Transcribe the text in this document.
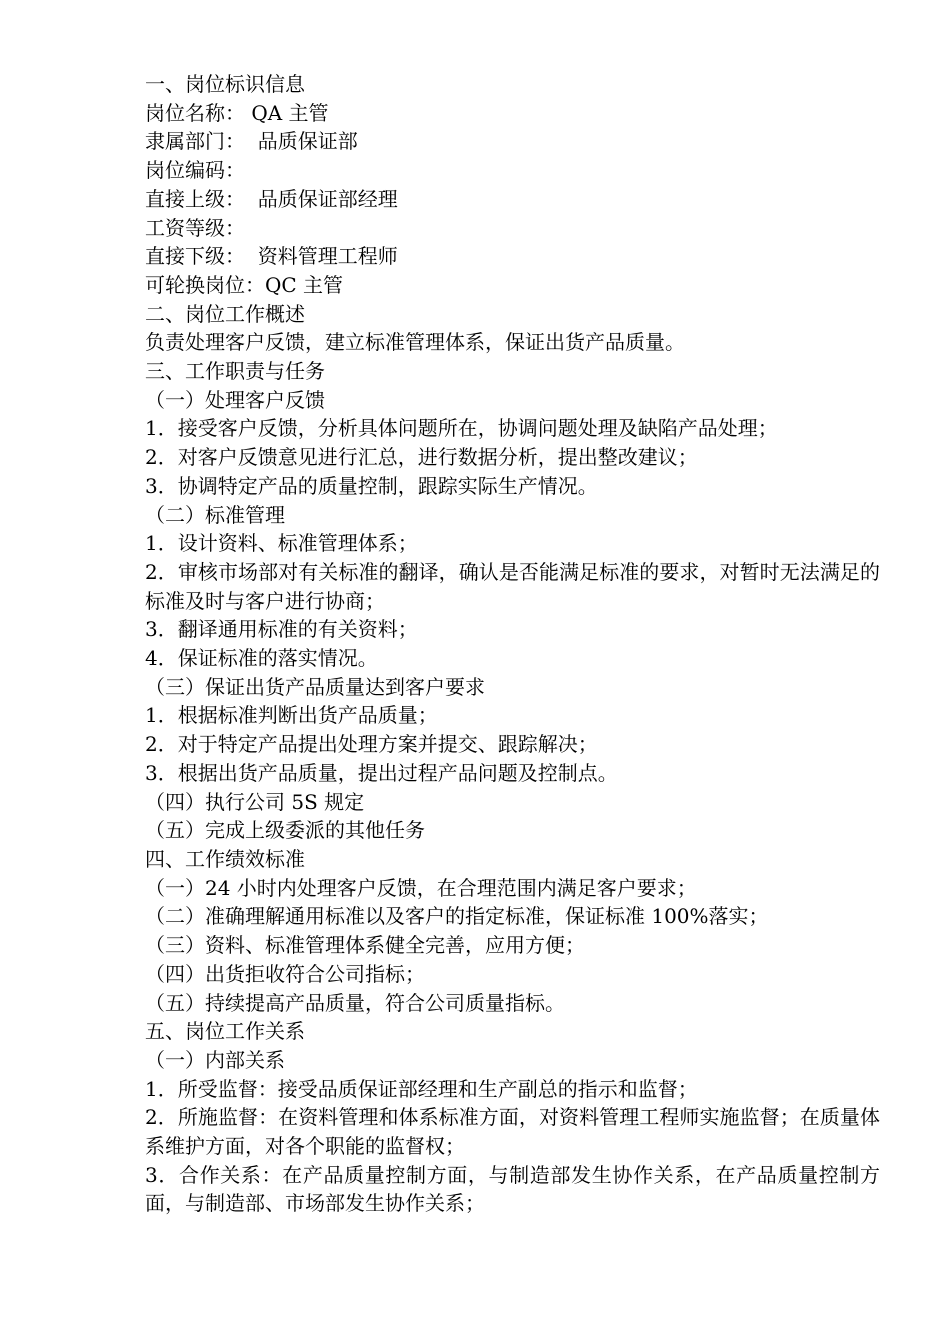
一、岗位标识信息
岗位名称： QA 主管
隶属部门：  品质保证部
岗位编码：
直接上级：  品质保证部经理
工资等级：
直接下级：  资料管理工程师
可轮换岗位：QC 主管
二、岗位工作概述
负责处理客户反馈，建立标准管理体系，保证出货产品质量。
三、工作职责与任务
（一）处理客户反馈
1．接受客户反馈，分析具体问题所在，协调问题处理及缺陷产品处理；
2．对客户反馈意见进行汇总，进行数据分析，提出整改建议；
3．协调特定产品的质量控制，跟踪实际生产情况。
（二）标准管理
1．设计资料、标准管理体系；
2．审核市场部对有关标准的翻译，确认是否能满足标准的要求，对暂时无法满足的标准及时与客户进行协商；
3．翻译通用标准的有关资料；
4．保证标准的落实情况。
（三）保证出货产品质量达到客户要求
1．根据标准判断出货产品质量；
2．对于特定产品提出处理方案并提交、跟踪解决；
3．根据出货产品质量，提出过程产品问题及控制点。
（四）执行公司 5S 规定
（五）完成上级委派的其他任务
四、工作绩效标准
（一）24 小时内处理客户反馈，在合理范围内满足客户要求；
（二）准确理解通用标准以及客户的指定标准，保证标准 100%落实；
（三）资料、标准管理体系健全完善，应用方便；
（四）出货拒收符合公司指标；
（五）持续提高产品质量，符合公司质量指标。
五、岗位工作关系
（一）内部关系
1．所受监督：接受品质保证部经理和生产副总的指示和监督；
2．所施监督：在资料管理和体系标准方面，对资料管理工程师实施监督；在质量体系维护方面，对各个职能的监督权；
3．合作关系：在产品质量控制方面，与制造部发生协作关系，在产品质量控制方面，与制造部、市场部发生协作关系；
